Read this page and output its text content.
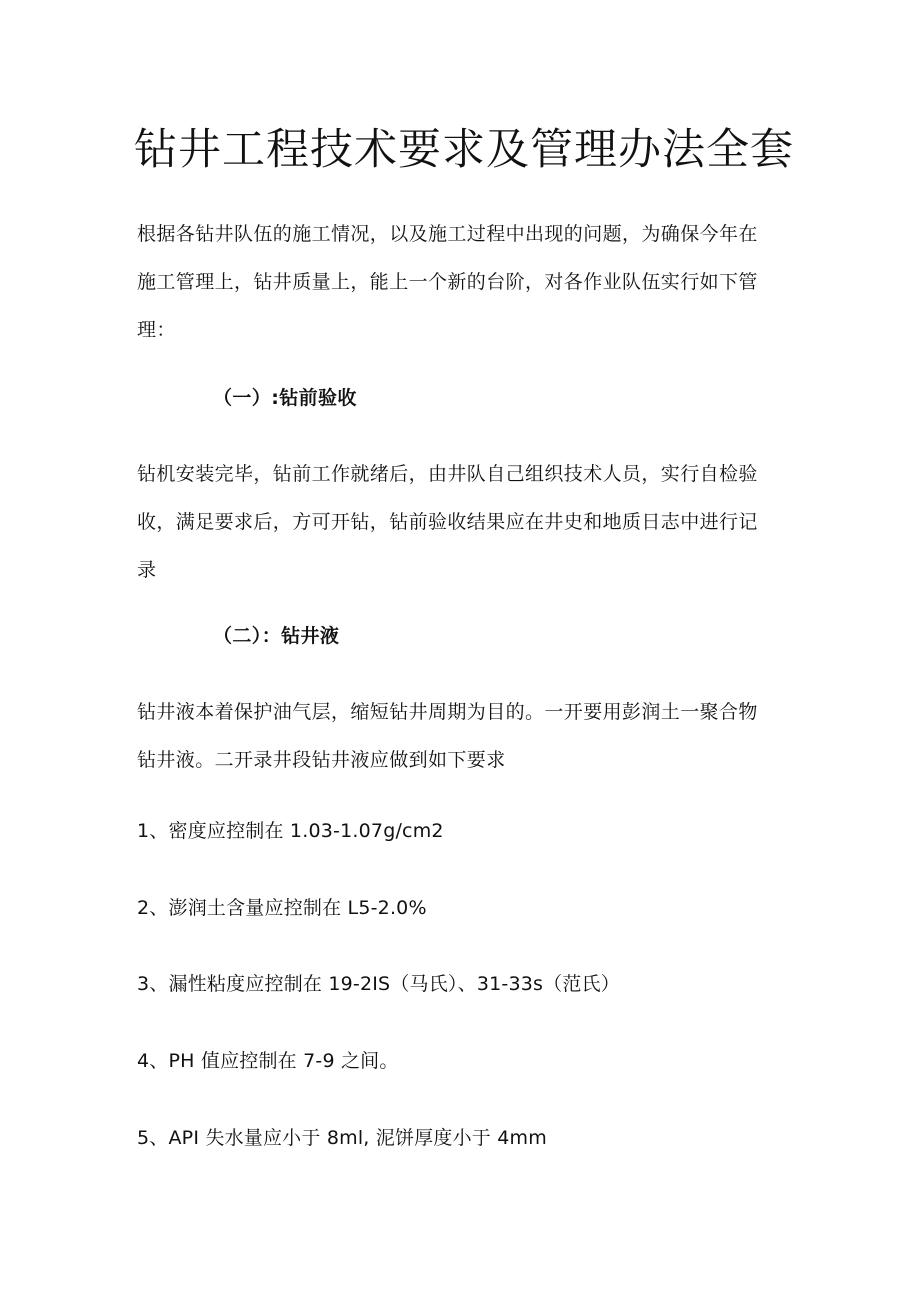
钻井工程技术要求及管理办法全套

根据各钻井队伍的施工情况，以及施工过程中出现的问题，为确保今年在
施工管理上，钻井质量上，能上一个新的台阶，对各作业队伍实行如下管
理：

（一）:钻前验收

钻机安装完毕，钻前工作就绪后，由井队自己组织技术人员，实行自检验
收，满足要求后，方可开钻，钻前验收结果应在井史和地质日志中进行记
录

（二）：钻井液

钻井液本着保护油气层，缩短钻井周期为目的。一开要用彭润土一聚合物
钻井液。二开录井段钻井液应做到如下要求

1、密度应控制在 1.03-1.07g∕cm2
2、澎润土含量应控制在 L5-2.0%
3、漏性粘度应控制在 19-2IS（马氏）、31-33s（范氏）
4、PH 值应控制在 7-9 之间。
5、API 失水量应小于 8ml, 泥饼厚度小于 4mm
